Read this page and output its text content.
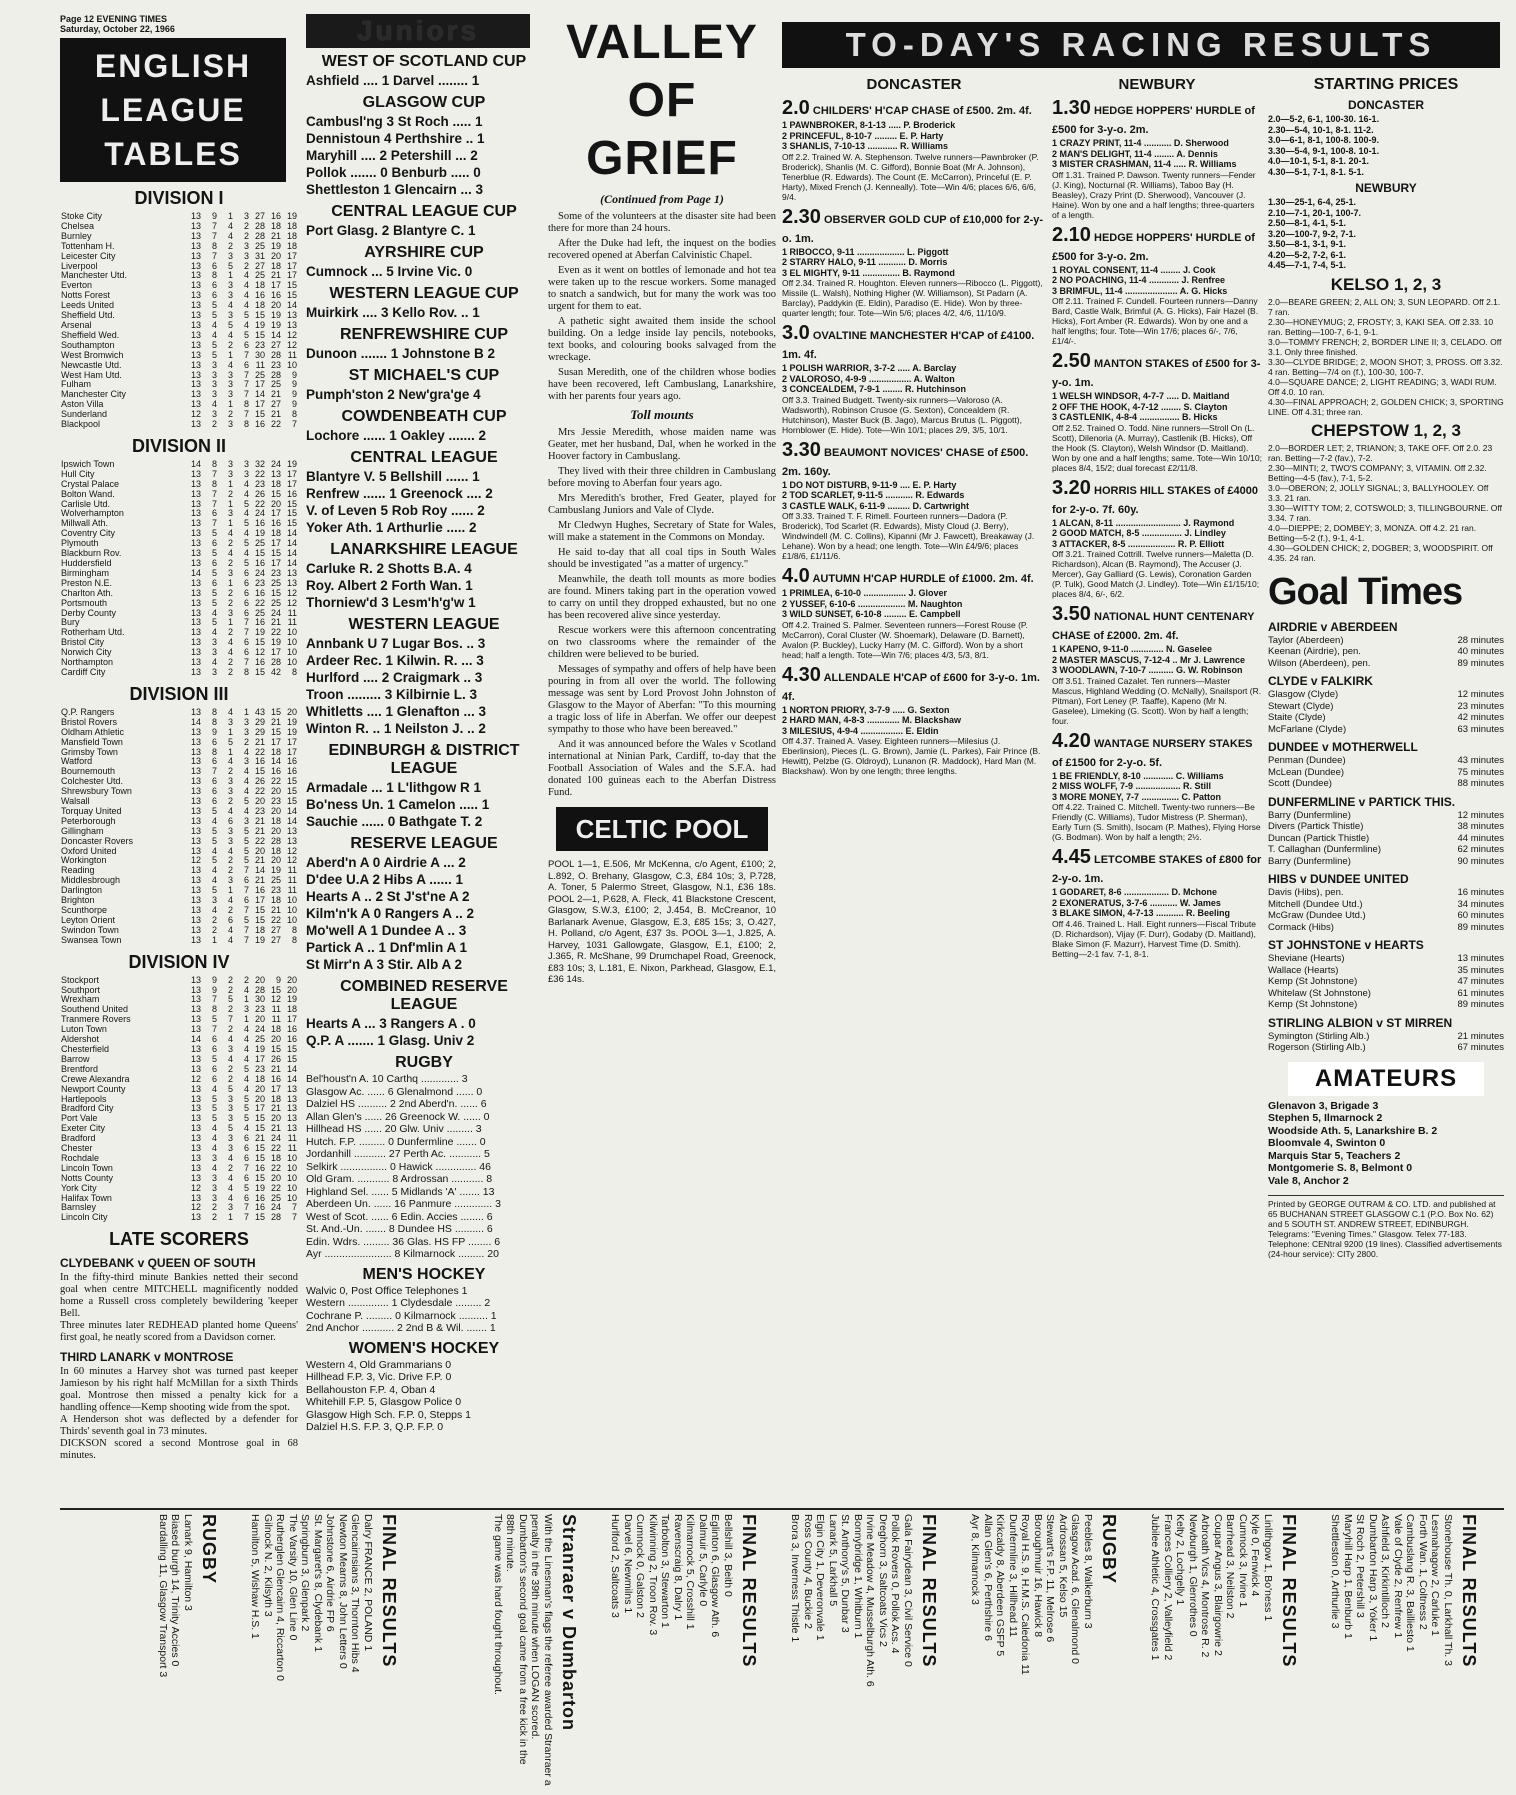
Page 12 EVENING TIMES
Saturday, October 22, 1966
ENGLISH
LEAGUE
TABLES
DIVISION I
Stoke City	13	9	1	3	27	16	19
Chelsea	13	7	4	2	28	18	18
Burnley	13	7	4	2	28	21	18
Tottenham H.	13	8	2	3	25	19	18
Leicester City	13	7	3	3	31	20	17
Liverpool	13	6	5	2	27	18	17
Manchester Utd.	13	8	1	4	25	21	17
Everton	13	6	3	4	18	17	15
Notts Forest	13	6	3	4	16	16	15
Leeds United	13	5	4	4	18	20	14
Sheffield Utd.	13	5	3	5	15	19	13
Arsenal	13	4	5	4	19	19	13
Sheffield Wed.	13	4	4	5	15	14	12
Southampton	13	5	2	6	23	27	12
West Bromwich	13	5	1	7	30	28	11
Newcastle Utd.	13	3	4	6	11	23	10
West Ham Utd.	13	3	3	7	25	28	9
Fulham	13	3	3	7	17	25	9
Manchester City	13	3	3	7	14	21	9
Aston Villa	13	4	1	8	17	27	9
Sunderland	12	3	2	7	15	21	8
Blackpool	13	2	3	8	16	22	7
DIVISION II
Ipswich Town	14	8	3	3	32	24	19
Hull City	13	7	3	3	22	13	17
Crystal Palace	13	8	1	4	23	18	17
Bolton Wand.	13	7	2	4	26	15	16
Carlisle Utd.	13	7	1	5	22	20	15
Wolverhampton	13	6	3	4	24	17	15
Millwall Ath.	13	7	1	5	16	16	15
Coventry City	13	5	4	4	19	18	14
Plymouth	13	6	2	5	25	17	14
Blackburn Rov.	13	5	4	4	15	15	14
Huddersfield	13	6	2	5	16	17	14
Birmingham	14	5	3	6	24	23	13
Preston N.E.	13	6	1	6	23	25	13
Charlton Ath.	13	5	2	6	16	15	12
Portsmouth	13	5	2	6	22	25	12
Derby County	13	4	3	6	25	24	11
Bury	13	5	1	7	16	21	11
Rotherham Utd.	13	4	2	7	19	22	10
Bristol City	13	3	4	6	15	19	10
Norwich City	13	3	4	6	12	17	10
Northampton	13	4	2	7	16	28	10
Cardiff City	13	3	2	8	15	42	8
DIVISION III
Q.P. Rangers	13	8	4	1	43	15	20
Bristol Rovers	14	8	3	3	29	21	19
Oldham Athletic	13	9	1	3	29	15	19
Mansfield Town	13	6	5	2	21	17	17
Grimsby Town	13	8	1	4	22	18	17
Watford	13	6	4	3	16	14	16
Bournemouth	13	7	2	4	15	16	16
Colchester Utd.	13	6	3	4	26	22	15
Shrewsbury Town	13	6	3	4	22	20	15
Walsall	13	6	2	5	20	23	15
Torquay United	13	5	4	4	23	20	14
Peterborough	13	4	6	3	21	18	14
Gillingham	13	5	3	5	21	20	13
Doncaster Rovers	13	5	3	5	22	28	13
Oxford United	13	4	4	5	20	18	12
Workington	12	5	2	5	21	20	12
Reading	13	4	2	7	14	19	11
Middlesbrough	13	4	3	6	21	25	11
Darlington	13	5	1	7	16	23	11
Brighton	13	3	4	6	17	18	10
Scunthorpe	13	4	2	7	15	21	10
Leyton Orient	13	2	6	5	15	22	10
Swindon Town	13	2	4	7	18	27	8
Swansea Town	13	1	4	7	19	27	8
DIVISION IV
Stockport	13	9	2	2	20	9	20
Southport	13	9	2	4	28	15	20
Wrexham	13	7	5	1	30	12	19
Southend United	13	8	2	3	23	11	18
Tranmere Rovers	13	5	7	1	20	11	17
Luton Town	13	7	2	4	24	18	16
Aldershot	14	6	4	4	25	20	16
Chesterfield	13	6	3	4	19	15	15
Barrow	13	5	4	4	17	26	15
Brentford	13	6	2	5	23	21	14
Crewe Alexandra	12	6	2	4	18	16	14
Newport County	13	4	5	4	20	17	13
Hartlepools	13	5	3	5	20	18	13
Bradford City	13	5	3	5	17	21	13
Port Vale	13	5	3	5	15	20	13
Exeter City	13	4	5	4	15	21	13
Bradford	13	4	3	6	21	24	11
Chester	13	4	3	6	15	22	11
Rochdale	13	3	4	6	15	18	10
Lincoln Town	13	4	2	7	16	22	10
Notts County	13	3	4	6	15	20	10
York City	12	3	4	5	19	22	10
Halifax Town	13	3	4	6	16	25	10
Barnsley	12	2	3	7	16	24	7
Lincoln City	13	2	1	7	15	28	7
LATE SCORERS
CLYDEBANK v QUEEN OF SOUTH
In the fifty-third minute Bankies netted their second goal when centre MITCHELL magnificently nodded home a Russell cross completely bewildering 'keeper Bell.
Three minutes later REDHEAD planted home Queens' first goal, he neatly scored from a Davidson corner.
THIRD LANARK v MONTROSE
In 60 minutes a Harvey shot was turned past keeper Jamieson by his right half McMillan for a sixth Thirds goal. Montrose then missed a penalty kick for a handling offence—Kemp shooting wide from the spot.
A Henderson shot was deflected by a defender for Thirds' seventh goal in 73 minutes.
DICKSON scored a second Montrose goal in 68 minutes.
Juniors
WEST OF SCOTLAND CUP
Ashfield .... 1 Darvel ........ 1
GLASGOW CUP
Cambusl'ng 3 St Roch ..... 1
Dennistoun 4 Perthshire .. 1
Maryhill .... 2 Petershill ... 2
Pollok ....... 0 Benburb ..... 0
Shettleston 1 Glencairn ... 3
CENTRAL LEAGUE CUP
Port Glasg. 2 Blantyre C. 1
AYRSHIRE CUP
Cumnock ... 5 Irvine Vic. 0
WESTERN LEAGUE CUP
Muirkirk .... 3 Kello Rov. .. 1
RENFREWSHIRE CUP
Dunoon ....... 1 Johnstone B 2
ST MICHAEL'S CUP
Pumph'ston 2 New'gra'ge 4
COWDENBEATH CUP
Lochore ...... 1 Oakley ....... 2
CENTRAL LEAGUE
Blantyre V. 5 Bellshill ...... 1
Renfrew ...... 1 Greenock .... 2
V. of Leven 5 Rob Roy ...... 2
Yoker Ath. 1 Arthurlie ..... 2
LANARKSHIRE LEAGUE
Carluke R. 2 Shotts B.A. 4
Roy. Albert 2 Forth Wan. 1
Thorniew'd 3 Lesm'h'g'w 1
WESTERN LEAGUE
Annbank U 7 Lugar Bos. .. 3
Ardeer Rec. 1 Kilwin. R. ... 3
Hurlford .... 2 Craigmark .. 3
Troon ......... 3 Kilbirnie L. 3
Whitletts .... 1 Glenafton ... 3
Winton R. .. 1 Neilston J. .. 2
EDINBURGH & DISTRICT LEAGUE
Armadale ... 1 L'lithgow R 1
Bo'ness Un. 1 Camelon ..... 1
Sauchie ...... 0 Bathgate T. 2
RESERVE LEAGUE
Aberd'n A 0 Airdrie A ... 2
D'dee U.A 2 Hibs A ...... 1
Hearts A .. 2 St J'st'ne A 2
Kilm'n'k A 0 Rangers A .. 2
Mo'well A 1 Dundee A .. 3
Partick A .. 1 Dnf'mlin A 1
St Mirr'n A 3 Stir. Alb A 2
COMBINED RESERVE LEAGUE
Hearts A ... 3 Rangers A . 0
Q.P. A ....... 1 Glasg. Univ 2
RUGBY
Bel'houst'n A. 10 Carthq ............. 3
Glasgow Ac. ...... 6 Glenalmond ...... 0
Dalziel HS .......... 2 2nd Aberd'n. ...... 6
Allan Glen's ...... 26 Greenock W. ...... 0
Hillhead HS ...... 20 Glw. Univ ......... 3
Hutch. F.P. ......... 0 Dunfermline ....... 0
Jordanhill ........... 27 Perth Ac. ........... 5
Selkirk ................ 0 Hawick .............. 46
Old Gram. ........... 8 Ardrossan ........... 8
Highland Sel. ...... 5 Midlands 'A' ....... 13
Aberdeen Un. ...... 16 Panmure ............. 3
West of Scot. ...... 6 Edin. Accies ........ 6
St. And.-Un. ....... 8 Dundee HS .......... 6
Edin. Wdrs. ......... 36 Glas. HS FP ........ 6
Ayr ....................... 8 Kilmarnock ......... 20
MEN'S HOCKEY
Walvic 0, Post Office Telephones 1
Western .............. 1 Clydesdale ......... 2
Cochrane P. ......... 0 Kilmarnock .......... 1
2nd Anchor ........... 2 2nd B & Wil. ....... 1
WOMEN'S HOCKEY
Western 4, Old Grammarians 0
Hillhead F.P. 3, Vic. Drive F.P. 0
Bellahouston F.P. 4, Oban 4
Whitehill F.P. 5, Glasgow Police 0
Glasgow High Sch. F.P. 0, Stepps 1
Dalziel H.S. F.P. 3, Q.P. F.P. 0
VALLEY
OF
GRIEF
(Continued from Page 1)

Some of the volunteers at the disaster site had been there for more than 24 hours.

After the Duke had left, the inquest on the bodies recovered opened at Aberfan Calvinistic Chapel.

Even as it went on bottles of lemonade and hot tea were taken up to the rescue workers. Some managed to snatch a sandwich, but for many the work was too urgent for them to eat.

A pathetic sight awaited them inside the school building. On a ledge inside lay pencils, notebooks, text books, and colouring books salvaged from the wreckage.

Susan Meredith, one of the children whose bodies have been recovered, left Cambuslang, Lanarkshire, with her parents four years ago.

Toll mounts

Mrs Jessie Meredith, whose maiden name was Geater, met her husband, Dal, when he worked in the Hoover factory in Cambuslang.

They lived with their three children in Cambuslang before moving to Aberfan four years ago.

Mrs Meredith's brother, Fred Geater, played for Cambuslang Juniors and Vale of Clyde.

Mr Cledwyn Hughes, Secretary of State for Wales, will make a statement in the Commons on Monday.

He said to-day that all coal tips in South Wales should be investigated "as a matter of urgency."

Meanwhile, the death toll mounts as more bodies are found. Miners taking part in the operation vowed to carry on until they dropped exhausted, but no one has been recovered alive since yesterday.

Rescue workers were this afternoon concentrating on two classrooms where the remainder of the children were believed to be buried.

Messages of sympathy and offers of help have been pouring in from all over the world. The following message was sent by Lord Provost John Johnston of Glasgow to the Mayor of Aberfan: "To this mourning a tragic loss of life in Aberfan. We offer our deepest sympathy to those who have been bereaved."

And it was announced before the Wales v Scotland international at Ninian Park, Cardiff, to-day that the Football Association of Wales and the S.F.A. had donated 100 guineas each to the Aberfan Distress Fund.

CELTIC POOL
POOL 1—1, E.506, Mr McKenna, c/o Agent, £100; 2, L.892, O. Brehany, Glasgow, C.3, £84 10s; 3, P.728, A. Toner, 5 Palermo Street, Glasgow, N.1, £36 18s. POOL 2—1, P.628, A. Fleck, 41 Blackstone Crescent, Glasgow, S.W.3, £100; 2, J.454, B. McCreanor, 10 Barlanark Avenue, Glasgow, E.3, £85 15s; 3, O.427, H. Polland, c/o Agent, £37 3s. POOL 3—1, J.825, A. Harvey, 1031 Gallowgate, Glasgow, E.1, £100; 2, J.365, R. McShane, 99 Drumchapel Road, Greenock, £83 10s; 3, L.181, E. Nixon, Parkhead, Glasgow, E.1, £36 14s.
TO-DAY'S RACING RESULTS
DONCASTER
2.0 CHILDERS' H'CAP CHASE of £500. 2m. 4f.
1 PAWNBROKER, 8-1-13 ..... P. Broderick
2 PRINCEFUL, 8-10-7 ......... E. P. Harty
3 SHANLIS, 7-10-13 ............ R. Williams
Off 2.2. Trained W. A. Stephenson. Twelve runners—Pawnbroker (P. Broderick), Shanlis (M. C. Gifford), Bonnie Boat (Mr A. Johnson), Tenerblue (R. Edwards). The Count (E. McCarron), Princeful (E. P. Harty), Mixed French (J. Kenneally). Tote—Win 4/6; places 6/6, 6/6, 9/4.
2.30 OBSERVER GOLD CUP of £10,000 for 2-y-o. 1m.
1 RIBOCCO, 9-11 ................... L. Piggott
2 STARRY HALO, 9-11 ........... D. Morris
3 EL MIGHTY, 9-11 ............... B. Raymond
Off 2.34. Trained R. Houghton. Eleven runners—Ribocco (L. Piggott), Missile (L. Walsh), Nothing Higher (W. Williamson), St Padarn (A. Barclay), Paddykin (E. Eldin), Paradiso (E. Hide). Won by three-quarter length; four. Tote—Win 5/6; places 4/2, 4/6, 11/10/9.
3.0 OVALTINE MANCHESTER H'CAP of £4100. 1m. 4f.
1 POLISH WARRIOR, 3-7-2 ..... A. Barclay
2 VALOROSO, 4-9-9 ................. A. Walton
3 CONCEALDEM, 7-9-1 ........ R. Hutchinson
Off 3.3. Trained Budgett. Twenty-six runners—Valoroso (A. Wadsworth), Robinson Crusoe (G. Sexton), Concealdem (R. Hutchinson), Master Buck (B. Jago), Marcus Brutus (L. Piggott), Hornblower (E. Hide). Tote—Win 10/1; places 2/9, 3/5, 10/1.
3.30 BEAUMONT NOVICES' CHASE of £500. 2m. 160y.
1 DO NOT DISTURB, 9-11-9 .... E. P. Harty
2 TOD SCARLET, 9-11-5 ........... R. Edwards
3 CASTLE WALK, 6-11-9 ......... D. Cartwright
Off 3.33. Trained T. F. Rimell. Fourteen runners—Dadora (P. Broderick), Tod Scarlet (R. Edwards), Misty Cloud (J. Berry), Windwindell (M. C. Collins), Kipanni (Mr J. Fawcett), Breakaway (J. Lehane). Won by a head; one length. Tote—Win £4/9/6; places £1/8/6, £1/11/6.
4.0 AUTUMN H'CAP HURDLE of £1000. 2m. 4f.
1 PRIMLEA, 6-10-0 ................. J. Glover
2 YUSSEF, 6-10-6 ................... M. Naughton
3 WILD SUNSET, 6-10-8 ......... E. Campbell
Off 4.2. Trained S. Palmer. Seventeen runners—Forest Rouse (P. McCarron), Coral Cluster (W. Shoemark), Delaware (D. Barnett), Avalon (P. Buckley), Lucky Harry (M. C. Gifford). Won by a short head; half a length. Tote—Win 7/6; places 4/3, 5/3, 8/1.
4.30 ALLENDALE H'CAP of £600 for 3-y-o. 1m. 4f.
1 NORTON PRIORY, 3-7-9 ..... G. Sexton
2 HARD MAN, 4-8-3 ............. M. Blackshaw
3 MILESIUS, 4-9-4 ................. E. Eldin
Off 4.37. Trained A. Vasey. Eighteen runners—Milesius (J. Eberlinsion), Pieces (L. G. Brown), Jamie (L. Parkes), Fair Prince (B. Hewitt), Pelzbe (G. Oldroyd), Lunanon (R. Maddock), Hard Man (M. Blackshaw). Won by one length; three lengths.
NEWBURY
1.30 HEDGE HOPPERS' HURDLE of £500 for 3-y-o. 2m.
1 CRAZY PRINT, 11-4 ........... D. Sherwood
2 MAN'S DELIGHT, 11-4 ........ A. Dennis
3 MISTER CRASHMAN, 11-4 ..... R. Williams
Off 1.31. Trained P. Dawson. Twenty runners—Fender (J. King), Nocturnal (R. Williams), Taboo Bay (H. Beasley), Crazy Print (D. Sherwood), Vancouver (J. Haine). Won by one and a half lengths; three-quarters of a length.
2.10 HEDGE HOPPERS' HURDLE of £500 for 3-y-o. 2m.
1 ROYAL CONSENT, 11-4 ........ J. Cook
2 NO POACHING, 11-4 ............ J. Renfree
3 BRIMFUL, 11-4 ..................... A. G. Hicks
Off 2.11. Trained F. Cundell. Fourteen runners—Danny Bard, Castle Walk, Brimful (A. G. Hicks), Fair Hazel (B. Hicks), Fort Amber (R. Edwards). Won by one and a half lengths; four. Tote—Win 17/6; places 6/-, 7/6, £1/4/-.
2.50 MANTON STAKES of £500 for 3-y-o. 1m.
1 WELSH WINDSOR, 4-7-7 ..... D. Maitland
2 OFF THE HOOK, 4-7-12 ........ S. Clayton
3 CASTLENIK, 4-8-4 ................ B. Hicks
Off 2.52. Trained O. Todd. Nine runners—Stroll On (L. Scott), Dilenoria (A. Murray), Castlenik (B. Hicks), Off the Hook (S. Clayton), Welsh Windsor (D. Maitland). Won by one and a half lengths; same. Tote—Win 10/10; places 8/4, 15/2; dual forecast £2/11/8.
3.20 HORRIS HILL STAKES of £4000 for 2-y-o. 7f. 60y.
1 ALCAN, 8-11 .......................... J. Raymond
2 GOOD MATCH, 8-5 ................ J. Lindley
3 ATTACKER, 8-5 ................... R. P. Elliott
Off 3.21. Trained Cottrill. Twelve runners—Maletta (D. Richardson), Alcan (B. Raymond), The Accuser (J. Mercer), Gay Galliard (G. Lewis), Coronation Garden (P. Tulk), Good Match (J. Lindley). Tote—Win £1/15/10; places 8/4, 6/-, 6/2.
3.50 NATIONAL HUNT CENTENARY CHASE of £2000. 2m. 4f.
1 KAPENO, 9-11-0 ............. N. Gaselee
2 MASTER MASCUS, 7-12-4 .. Mr J. Lawrence
3 WOODLAWN, 7-10-7 .......... G. W. Robinson
Off 3.51. Trained Cazalet. Ten runners—Master Mascus, Highland Wedding (O. McNally), Snailsport (R. Pitman), Fort Leney (P. Taaffe), Kapeno (Mr N. Gaselee), Limeking (G. Scott). Won by half a length; four.
4.20 WANTAGE NURSERY STAKES of £1500 for 2-y-o. 5f.
1 BE FRIENDLY, 8-10 ............ C. Williams
2 MISS WOLFF, 7-9 .................. R. Still
3 MORE MONEY, 7-7 ............... C. Patton
Off 4.22. Trained C. Mitchell. Twenty-two runners—Be Friendly (C. Williams), Tudor Mistress (P. Sherman), Early Turn (S. Smith), Isocam (P. Mathes), Flying Horse (G. Bodman). Won by half a length; 2½.
4.45 LETCOMBE STAKES of £800 for 2-y-o. 1m.
1 GODARET, 8-6 .................. D. Mchone
2 EXONERATUS, 3-7-6 ........... W. James
3 BLAKE SIMON, 4-7-13 ........... R. Beeling
Off 4.46. Trained L. Hall. Eight runners—Fiscal Tribute (D. Richardson), Vijay (F. Durr), Godaby (D. Maitland), Blake Simon (F. Mazurr), Harvest Time (D. Smith). Betting—2-1 fav. 7-1, 8-1.
STARTING PRICES
DONCASTER
2.0—5-2, 6-1, 100-30. 16-1.
2.30—5-4, 10-1, 8-1. 11-2.
3.0—6-1, 8-1, 100-8. 100-9.
3.30—5-4, 9-1, 100-8. 10-1.
4.0—10-1, 5-1, 8-1. 20-1.
4.30—5-1, 7-1, 8-1. 5-1.
NEWBURY
1.30—25-1, 6-4, 25-1.
2.10—7-1, 20-1, 100-7.
2.50—8-1, 4-1, 5-1.
3.20—100-7, 9-2, 7-1.
3.50—8-1, 3-1, 9-1.
4.20—5-2, 7-2, 6-1.
4.45—7-1, 7-4, 5-1.
KELSO 1, 2, 3
2.0—BEARE GREEN; 2, ALL ON; 3, SUN LEOPARD. Off 2.1. 7 ran.
2.30—HONEYMUG; 2, FROSTY; 3, KAKI SEA. Off 2.33. 10 ran. Betting—100-7, 6-1, 9-1.
3.0—TOMMY FRENCH; 2, BORDER LINE II; 3, CELADO. Off 3.1. Only three finished.
3.30—CLYDE BRIDGE; 2, MOON SHOT; 3, PROSS. Off 3.32. 4 ran. Betting—7/4 on (f.), 100-30, 100-7.
4.0—SQUARE DANCE; 2, LIGHT READING; 3, WADI RUM. Off 4.0. 10 ran.
4.30—FINAL APPROACH; 2, GOLDEN CHICK; 3, SPORTING LINE. Off 4.31; three ran.
CHEPSTOW 1, 2, 3
2.0—BORDER LET; 2, TRIANON; 3, TAKE OFF. Off 2.0. 23 ran. Betting—7-2 (fav.), 7-2.
2.30—MINTI; 2, TWO'S COMPANY; 3, VITAMIN. Off 2.32. Betting—4-5 (fav.), 7-1, 5-2.
3.0—OBERON; 2, JOLLY SIGNAL; 3, BALLYHOOLEY. Off 3.3. 21 ran.
3.30—WITTY TOM; 2, COTSWOLD; 3, TILLINGBOURNE. Off 3.34. 7 ran.
4.0—DIEPPE; 2, DOMBEY; 3, MONZA. Off 4.2. 21 ran. Betting—5-2 (f.), 9-1, 4-1.
4.30—GOLDEN CHICK; 2, DOGBER; 3, WOODSPIRIT. Off 4.35. 24 ran.
Goal Times
AIRDRIE v ABERDEEN
Taylor (Aberdeen)	28 minutes
Keenan (Airdrie), pen.	40 minutes
Wilson (Aberdeen), pen.	89 minutes
CLYDE v FALKIRK
Glasgow (Clyde)	12 minutes
Stewart (Clyde)	23 minutes
Staite (Clyde)	42 minutes
McFarlane (Clyde)	63 minutes
DUNDEE v MOTHERWELL
Penman (Dundee)	43 minutes
McLean (Dundee)	75 minutes
Scott (Dundee)	88 minutes
DUNFERMLINE v PARTICK THIS.
Barry (Dunfermline)	12 minutes
Divers (Partick Thistle)	38 minutes
Duncan (Partick Thistle)	44 minutes
T. Callaghan (Dunfermline)	62 minutes
Barry (Dunfermline)	90 minutes
HIBS v DUNDEE UNITED
Davis (Hibs), pen.	16 minutes
Mitchell (Dundee Utd.)	34 minutes
McGraw (Dundee Utd.)	60 minutes
Cormack (Hibs)	89 minutes
ST JOHNSTONE v HEARTS
Sheviane (Hearts)	13 minutes
Wallace (Hearts)	35 minutes
Kemp (St Johnstone)	47 minutes
Whitelaw (St Johnstone)	61 minutes
Kemp (St Johnstone)	89 minutes
STIRLING ALBION v ST MIRREN
Symington (Stirling Alb.)	21 minutes
Rogerson (Stirling Alb.)	67 minutes
AMATEURS
Glenavon 3, Brigade 3
Stephen 5, Ilmarnock 2
Woodside Ath. 5, Lanarkshire B. 2
Bloomvale 4, Swinton 0
Marquis Star 5, Teachers 2
Montgomerie S. 8, Belmont 0
Vale 8, Anchor 2
Printed by GEORGE OUTRAM & CO. LTD. and published at 65 BUCHANAN STREET GLASGOW C.1 (P.O. Box No. 62) and 5 SOUTH ST. ANDREW STREET, EDINBURGH. Telegrams: "Evening Times." Glasgow. Telex 77-183. Telephone: CENtral 9200 (19 lines). Classified advertisements (24-hour service): CITy 2800.
RUGBY
Lanark 9, Hamilton 3
Biased burgh 14, Trinity Accies 0
Bardalling 11, Glasgow Transport 3	FINAL RESULTS
Dalry FRANCE 2, POLAND 1
Glencairnsians 3, Thornton Hibs 4
Newton Mearns 8, John Letters 0
Johnstone 6, Airdrie FP 6
St. Margaret's 8, Clydebank 1
Springburn 3, Glenpark 2
The Varsity 10, Glen Line 0
Rutherglen Glencairn 4, Riccarton 0
Gilnock N. 2, Kilsyth 3
Hamilton 5, Wishaw H.S. 1	Stranraer v Dumbarton
With the Linesman's flags the referee awarded Stranraer a penalty in the 39th minute when LOGAN scored.
Dumbarton's second goal came from a free kick in the 88th minute.
The game was hard fought throughout.	FINAL RESULTS
Bellshill 3, Beith 0
Eglinton 6, Glasgow Ath. 6
Dalmuir 5, Carlyle 0
Kilmarnock 5, Crosshill 1
Ravenscraig 8, Dalry 1
Tarbolton 3, Stewarton 1
Kilwinning 2, Troon Rov. 3
Cumnock 0, Galston 2
Darvel 6, Newmilns 1
Hurlford 2, Saltcoats 3	FINAL RESULTS
Gala Fairydean 3, Civil Service 0
Pollok Rovers 0, Pollok Acs. 4
Dreghorn 3, Saltcoats Vics 2
Irvine Meadow 4, Musselburgh Ath. 6
Bonnybridge 1, Whitburn 1
St. Anthony's 5, Dunbar 3
Lanark 5, Larkhall 5
Elgin City 1, Deveronvale 1
Ross County 4, Buckie 2
Brora 3, Inverness Thistle 1	RUGBY
Peebles 8, Walkerburn 3
Glasgow Acad. 6, Glenalmond 0
Ardrossan 5, Kelso 15
Stewart's F.P. 11, Melrose 6
Boroughmuir 16, Hawick 8
Royal H.S. 9, H.M.S. Caledonia 11
Dunfermline 3, Hillhead 11
Kirkcaldy 8, Aberdeen GSFP 5
Allan Glen's 6, Perthshire 6
Ayr 8, Kilmarnock 3	FINAL RESULTS
Linlithgow 1, Bo'ness 1
Kyle 0, Fenwick 4
Cumnock 3, Irvine 1
Barrhead 3, Neilston 2
Coupar Angus 3, Blairgowrie 2
Arbroath Vics 4, Montrose R. 2
Newburgh 1, Glenrothes 0
Kelty 2, Lochgelly 1
Frances Colliery 2, Valleyfield 2
Jubilee Athletic 4, Crossgates 1	FINAL RESULTS
Stonehouse Th. 0, Larkhall Th. 3
Lesmahagow 2, Carluke 1
Forth Wan. 1, Coltness 2
Cambuslang R. 3, Bailliesto 1
Vale of Clyde 2, Renfrew 1
Ashfield 3, Kirkintilloch 2
Dumbarton Harp 3, Yoker 1
St Roch 2, Petershill 3
Maryhill Harp 1, Benburb 1
Shettleston 0, Arthurlie 3
